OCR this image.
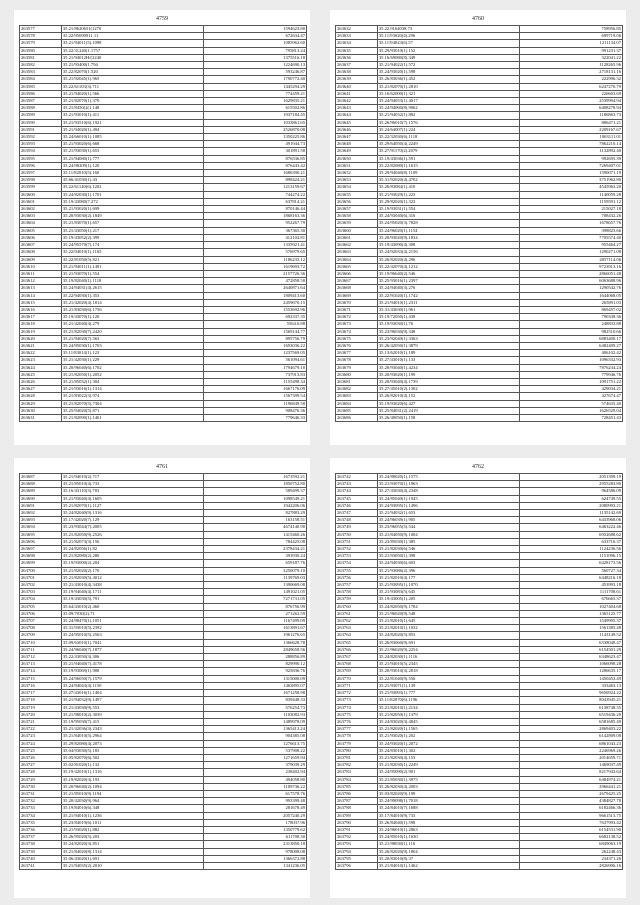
4759
263577	35.21/8620651(1270	1594623.80
263578	35.22/95690911.11	672634.47
263579	35.21/94011(5).1098	1085962.60
263580	35.22/31240(1.1757	795813.24
263581	35.21/94012H/(2240	1375516.18
263582	35.21/93400(1.794	1224690.13
263583	35.22/82070(1.520	593246.87
263584	35.21/92045(1).965	1790772.40
263585	35.22/61103(3).711	1445294.29
263586	35.21/94020(1).566	774459.21
263587	35.21/82070(1).370	1629835.21
263588	35.21/8450(2(1.148	615502.86
263589	35.21/93010(1).411	1937184.45
263590	35.21/93510(6).1921	1033861.65
263591	35.21/94020(1).494	2526870.08
263592	35.24/66010(1).1085	1350225.86
263593	35.21/93020(6).668	491944.73
263594	35.21/93030(1).653	301891.58
263595	35.21/94080(1).777	876536.85
263596	35.24/98209(1).120	876443.42
263597	35.11/82010(5).160	1686390.21
263598	35.66/41030(1).43	898424.21
263599	35.22/61140(6).1202	1213159.67
263600	35.24/82030(1).1701	744274.22
263601	35.19/43080(7.272	637814.21
263602	35.21/93020(1).699	870146.44
263603	35.20/93030(2).1849	1868163.36
263604	35.21/83070(1).657	952267.79
263605	35.21/43050(1).217	367365.30
263606	35.19/43052(2).399	412102.81
263607	35.24/95570(7).174	1335921.41
263608	35.22/04010(1).1165	576979.65
263609	35.22/81050(5).821	1186235.12
263610	35.21/94011(1).1491	1619693.72
263611	35.21/93070(1).554	2157726.36
263612	35.19/82040(1).1118	472858.58
263613	35.24/94031(4).2615	2640871.64
263614	35.22/94030(1).353	1809413.60
263615	35.21/42020(4).1814	2459670.15
263616	35.21/83030(6).1756	1553692.96
263617	35.19/43070(1).120	692337.35
263618	35.21/42040(4).279	5564.6.88
263619	35.21/82030(7).2420	1569144.77
263620	35.21/94020(7).563	895756.79
263621	35.24/95030(1).1703	1693036.22
263622	35.11/83014(1).123	1237569.05
263623	35.21/42030(1).229	561094.61
263624	35.20/96040(6).1702	1794679.10
263625	35.21/82050(1).2052	737913.83
263626	35.21/85032(1).304	1155498.34
263627	35.21/93016(1).1314	1667176.09
263628	35.21/83022(3).974	1567399.54
263629	35.21/82070(5).7304	1196849.58
263630	35.25/94020(5).871	908476.36
263631	35.21/82090(1).1461	779646.33
4760
263632	35.22.9164038.73	758956.85
263633	35.11/93020(4).296	699719.06
263634	35.11/94023(6).57	1211134.07
263635	35.29/93010(1).152	991231.37
263636	35.16/69080(8).349	322041.22
263637	35.21/94022(1).572	1128265.96
263638	35.24/93020(1).598	2718131.16
263639	35.26/83036(1).452	222996.32
263640	35.21/82070(1).2810	6247270.79
263641	35.16/62000(1).321	226603.69
263642	35.24/94053(1).4017	2539994.94
263643	35.24/94060(8).9062	6408278.94
263644	35.21/94032(1).882	1186863.73
263645	35.26/96010(7).1576	886471.21
263646	35.24/64007(1).224	2209167.67
263647	35.22/32030(6).1118	1063111.01
263648	35.29/64050(4).2249	7862210.14
263649	35.27/91170(2).2079	1132892.40
263650	35.19/43036(1).591	992695.39
263651	35.22/82080(1).1615	7269407.01
263652	35.29/94040(8).1109	1590071.19
263653	35.31/92020(4).4702	3751962.80
263654	35.26/83084(1).410	4545963.20
263655	35.21/93029(1).223	1140059.28
263656	35.29/82020(1).323	1159591.12
263657	35.19/93031(1).554	215027.18
263658	35.24/93040(6).316	708432.26
263659	35.24/95020(3).7828	1678657.76
263660	35.24/96020(1).1154	398825.66
263661	35.20/93020(9).1834	7705574.40
263662	35.19/43090(4).308	955464.27
263663	35.24/92033(4).2156	1290271.08
263664	35.26/82020(4).296	2857114.06
263665	35.22/42070(4).1212	9723913.16
263666	35.19/96640(2).546	2866051.48
263667	35.25/93016(1).2397	6063688.96
263668	35.24/94040(3).276	1290542.76
263669	35.22/91020(1).1742	1644068.05
263670	35.21/94010(1).2311	265891.03
263671	35.31/43030(1).961	869457.02
263672	35.19/72050(1).438	790338.36
263673	35.19/93030(1).76	248833.88
263674	35.23/96030(9).348	982510.66
263675	35.23/92040(1).3363	6883400.17
263676	35.26/42050(1).3879	6482409.27
263677	35.13/62010(1).189	406102.42
263678	35.27/43010(1).133	1096332.93
263679	35.20/93040(1).4234	7876234.24
263680	35.20/93020(1).199	779946.76
263681	35.20/93040(4).1739	1091751.22
263682	35.27/45010(2).1302	429034.21
263683	35.26/82010(4).152	427674.47
263684	35.19/93020(6).427	574635.40
263685	35.25/84031(2).2419	1626529.04
263686	35.26/40050(1).158	728451.43
4761
263687	35.21/94010(2).717	1673592.21
263688	35.21/85010(4).733	1850752.80
263689	35.16/43110(3).783	589499.37
263690	35.21/93040(4).1605	1098549.21
263691	35.21/82070(1).1127	1942206.06
263692	35.24/82040(9).1316	827883.29
263693	35.17/42020(7).129	163158.51
263694	35.23/93044(7).2005	4674140.90
263695	35.21/82050(9).2526	1415460.26
263696	35.21/82073(3).156	784425.08
263697	35.24/82056(1).82	2378434.21
263698	35.21/82080(2).280	393930.24
263699	35.19/93000(2).204	659187.76
263700	35.21/82020(2).170	3250079.10
263701	35.21/82030(5).4012	1139769.03
263702	35.21/43010(4).3438	1390669.08
263703	35.19/94040(4).1711	1491021.05
263704	35.19/43030(5).791	7271731.05
263705	35.64/43010(2).460	876756.99
263706	35.09/7030(2).71	271262.59
263707	35.24/98470(1).1051	1167499.09
263708	35.31/93010(5).2392	1613891.67
263709	35.24/95010(5).2563	1961276.65
263710	35.09/63010(1).7041	1366628.78
263711	35.24/96040(7).1877	2849658.56
263712	35.22/43050(3).306	288856.89
263713	35.21/94040(7).4178	829990.12
263714	35.19/93069(1).908	925836.76
263715	35.24/96050(7).1579	1315000.09
263716	35.24/94043(4).1150	1463895.07
263717	35.27/43016(1).1404	1671258.98
263718	35.21/94032(9).1497	839448.33
263719	35.21/43030(9).553	576254.73
263720	35.21/98010(2).3039	1103082.93
263721	35.19/95030(7).415	1489978.09
263722	35.21/42036(3).2343	1365413.24
263723	35.21/84010(5).2964	904385.08
263724	35.29/82080(4).2073	1276613.75
263725	35.04/93030(5).183	537908.22
263726	35.05/82070(6).502	1271659.94
263727	35.02/81020(1).132	379039.29
263728	35.19/42010(1).1316	238402.94
263729	35.19/82020(3).193	494058.80
263730	35.20/96040(2).1094	1109736.22
263731	35.21/85010(9).1194	617578.76
263732	35.20/42030(9).964	993399.48
263733	35.19/84010(6).348	281678.49
263734	35.21/94010(1).1236	2057240.29
263735	35.23/84019(6).1011	178037.96
263736	35.21/93020(1).882	1350779.62
263737	35.26/95020(5).203	611708.30
263738	35.24/82020(3).851	2313850.18
263739	35.21/84020(8).1314	978008.08
263740	35.06/43020(1).691	1366372.88
263741	35.21/94035(2).2010	1341236.05
4762
263742	35.24/88020(1).1575	2051399.19
263743	35.21/93070(1).1963	2955283.80
263744	35.27/43030(4).2348	964586.09
263745	35.24/85040(1).1945	624749.55
263746	35.24/93095(1).1496	2080993.21
263747	35.21/94032(1).653	1135142.69
263748	35.24/96039(1).905	6433968.06
263749	35.23/96055(5).544	6463222.46
263750	35.21/84050(9).1004	6952688.62
263751	35.23/85030(1).385	633716.37
263752	35.21/82030(6).546	1124236.56
263753	35.21/93050(1).398	1151096.15
263754	35.24/94030(6).603	6428173.56
263755	35.21/93086(2).396	560727.34
263756	35.21/82010(4).177	6448216.18
263757	35.21/93095(1).1070	453993.18
263758	35.21/93083(5).645	1111708.61
263759	35.19/43005(1).205	676665.37
263760	35.24/82050(9).1784	1027404.68
263761	35.21/96020(9).548	1365125.77
263762	35.21/82010(1).645	1549995.37
263763	35.21/82010(1).1032	1561385.48
263764	35.24/82020(5).853	1143149.52
263765	35.26/83060(9).691	6338040.47
263766	35.21/96020(9).2254	6154501.29
263767	35.24/82030(1).1116	6348623.47
263768	35.21/94010(5).2345	1066098.28
263769	35.20/93010(3).2818	1286635.17
263770	35.22/81040(9).556	1450453.49
263771	35.21/93071(1).139	333463.13
263772	35.21/93093(1).777	9656924.22
263773	35.11/82070(6).1196	8043945.21
263774	35.21/82010(1).2134	6138748.35
263775	35.21/82050(1).1379	6519436.20
263776	35.24/83020(3).4845	6581685.49
263777	35.21/82020(1).1565	2869403.22
263778	35.21/93020(1).202	6142809.08
263779	35.24/93020(1).2072	6861043.23
263780	35.24/83010(1).302	2246969.26
263781	35.21/82030(4).153	2014659.71
263782	35.21/82030(1).2249	1469037.49
263783	35.24/95090(2).901	8217943.64
263784	35.21/85030(1).3975	6484974.21
263785	35.26/82030(4).2003	2966441.21
263786	35.03/82020(9).199	2679425.25
263787	35.24/99098(1).7018	4384827.78
263788	35.24/84010(7).1688	6182466.36
263789	35.17/84010(9).733	9661513.75
263790	35.26/84040(1).598	7637993.42
263791	35.24/96010(1).2863	6154531.90
263792	35.24/85010(1).1630	6682138.52
263793	35.21/98030(1).116	6849063.19
263794	35.26/82020(9).1804	262248.43
263795	35.20/83010(8).37	234371.26
263796	35.21/84010(1).1462	2826906.16
